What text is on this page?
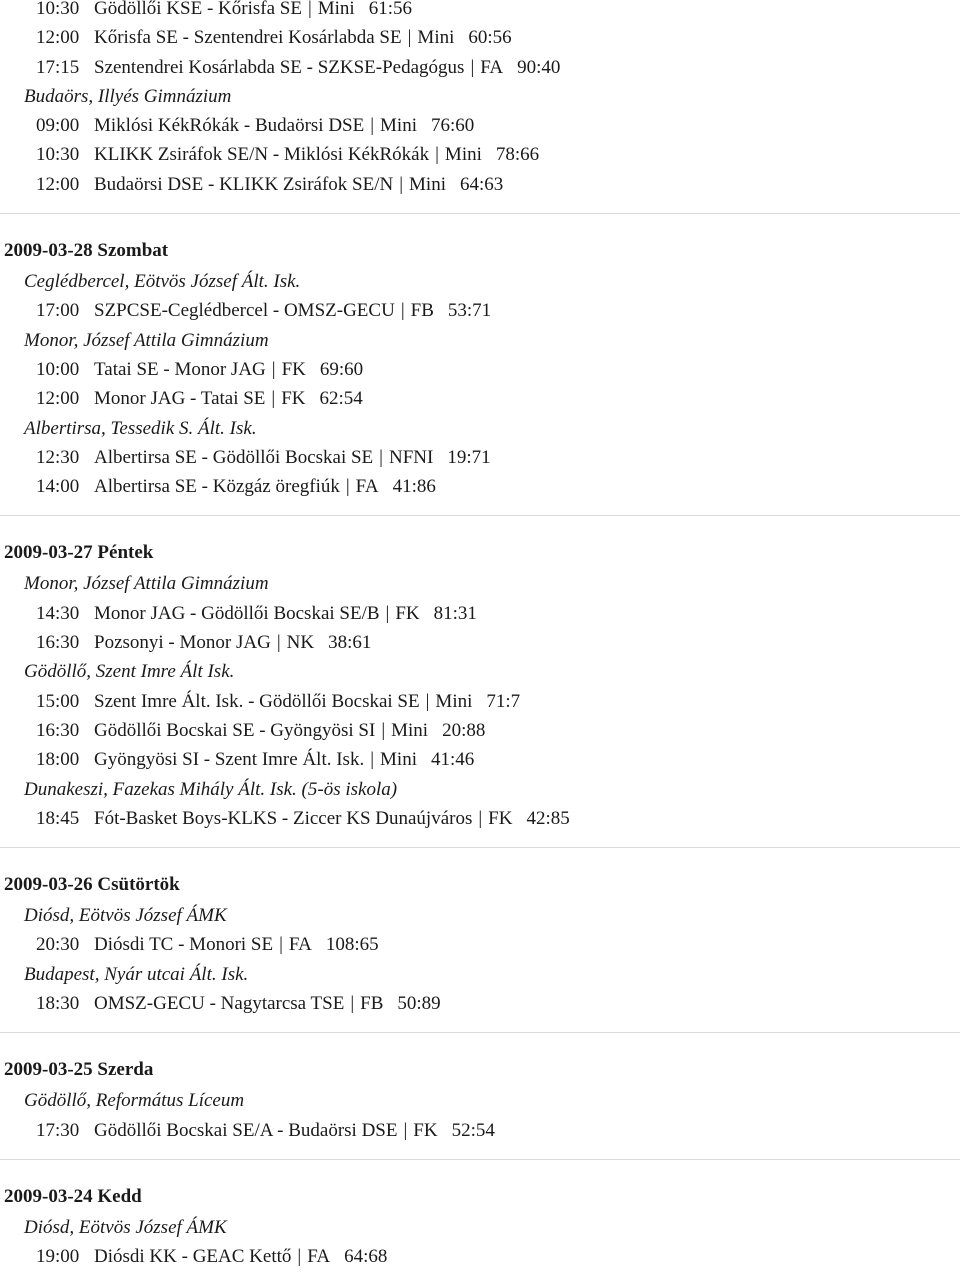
10:30 Gödöllői KSE - Kőrisfa SE | Mini 61:56
12:00 Kőrisfa SE - Szentendrei Kosárlabda SE | Mini 60:56
17:15 Szentendrei Kosárlabda SE - SZKSE-Pedagógus | FA 90:40
Budaörs, Illyés Gimnázium
09:00 Miklósi KékRókák - Budaörsi DSE | Mini 76:60
10:30 KLIKK Zsiráfok SE/N - Miklósi KékRókák | Mini 78:66
12:00 Budaörsi DSE - KLIKK Zsiráfok SE/N | Mini 64:63
2009-03-28 Szombat
Ceglédbercel, Eötvös József Ált. Isk.
17:00 SZPCSE-Ceglédbercel - OMSZ-GECU | FB 53:71
Monor, József Attila Gimnázium
10:00 Tatai SE - Monor JAG | FK 69:60
12:00 Monor JAG - Tatai SE | FK 62:54
Albertirsa, Tessedik S. Ált. Isk.
12:30 Albertirsa SE - Gödöllői Bocskai SE | NFNI 19:71
14:00 Albertirsa SE - Közgáz öregfiúk | FA 41:86
2009-03-27 Péntek
Monor, József Attila Gimnázium
14:30 Monor JAG - Gödöllői Bocskai SE/B | FK 81:31
16:30 Pozsonyi - Monor JAG | NK 38:61
Gödöllő, Szent Imre Ált Isk.
15:00 Szent Imre Ált. Isk. - Gödöllői Bocskai SE | Mini 71:7
16:30 Gödöllői Bocskai SE - Gyöngyösi SI | Mini 20:88
18:00 Gyöngyösi SI - Szent Imre Ált. Isk. | Mini 41:46
Dunakeszi, Fazekas Mihály Ált. Isk. (5-ös iskola)
18:45 Fót-Basket Boys-KLKS - Ziccer KS Dunaújváros | FK 42:85
2009-03-26 Csütörtök
Diósd, Eötvös József ÁMK
20:30 Diósdi TC - Monori SE | FA 108:65
Budapest, Nyár utcai Ált. Isk.
18:30 OMSZ-GECU - Nagytarcsa TSE | FB 50:89
2009-03-25 Szerda
Gödöllő, Református Líceum
17:30 Gödöllői Bocskai SE/A - Budaörsi DSE | FK 52:54
2009-03-24 Kedd
Diósd, Eötvös József ÁMK
19:00 Diósdi KK - GEAC Kettő | FA 64:68
